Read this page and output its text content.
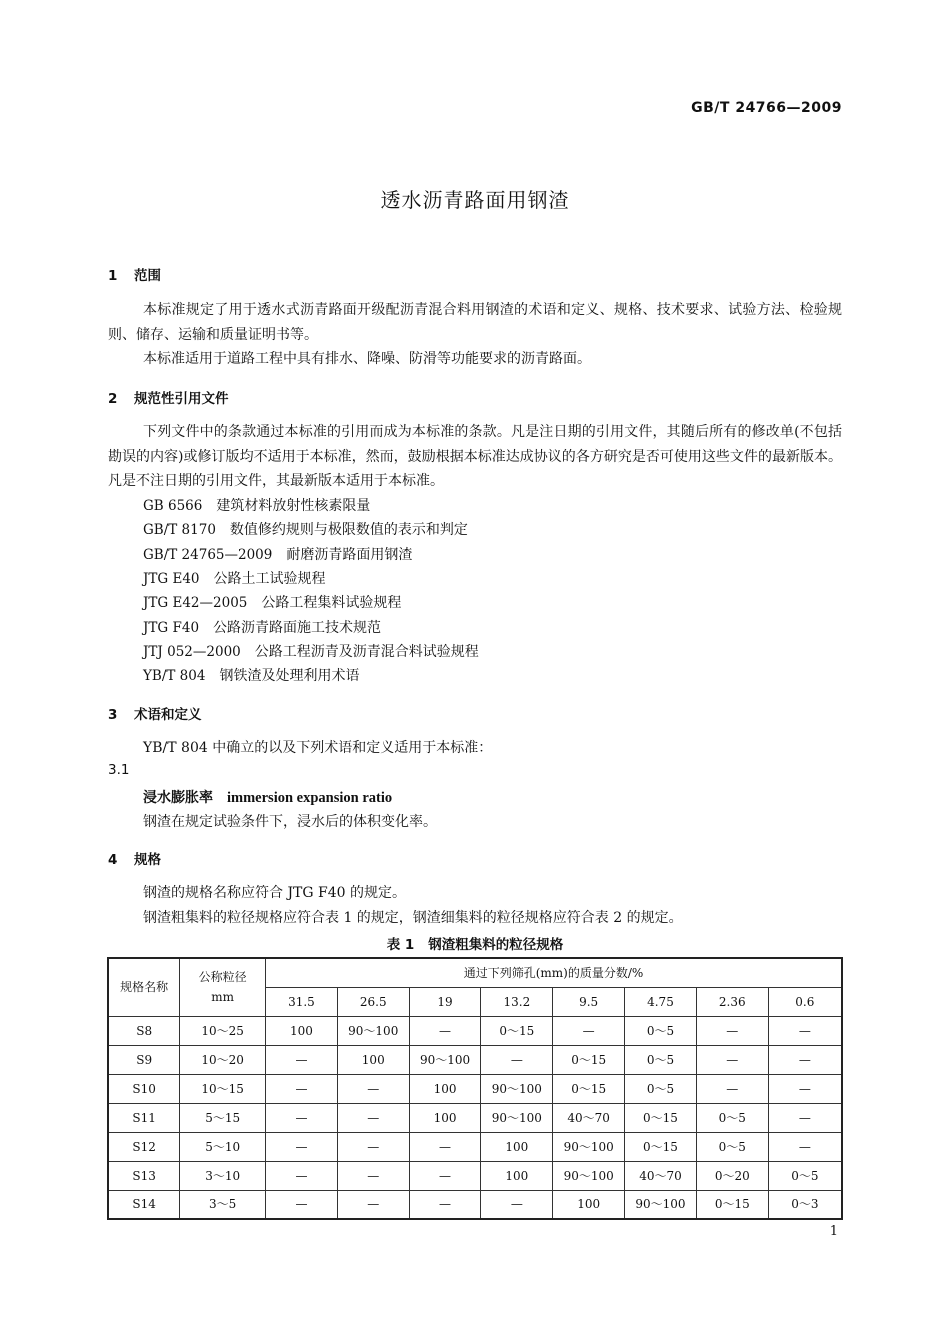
GB/T 24766—2009
透水沥青路面用钢渣
1 范围
本标准规定了用于透水式沥青路面开级配沥青混合料用钢渣的术语和定义、规格、技术要求、试验方法、检验规则、储存、运输和质量证明书等。
本标准适用于道路工程中具有排水、降噪、防滑等功能要求的沥青路面。
2 规范性引用文件
下列文件中的条款通过本标准的引用而成为本标准的条款。凡是注日期的引用文件，其随后所有的修改单(不包括勘误的内容)或修订版均不适用于本标准，然而，鼓励根据本标准达成协议的各方研究是否可使用这些文件的最新版本。凡是不注日期的引用文件，其最新版本适用于本标准。
GB 6566 建筑材料放射性核素限量
GB/T 8170 数值修约规则与极限数值的表示和判定
GB/T 24765—2009 耐磨沥青路面用钢渣
JTG E40 公路土工试验规程
JTG E42—2005 公路工程集料试验规程
JTG F40 公路沥青路面施工技术规范
JTJ 052—2000 公路工程沥青及沥青混合料试验规程
YB/T 804 钢铁渣及处理利用术语
3 术语和定义
YB/T 804 中确立的以及下列术语和定义适用于本标准：
3.1
浸水膨胀率 immersion expansion ratio
钢渣在规定试验条件下，浸水后的体积变化率。
4 规格
钢渣的规格名称应符合 JTG F40 的规定。
钢渣粗集料的粒径规格应符合表 1 的规定，钢渣细集料的粒径规格应符合表 2 的规定。
表 1 钢渣粗集料的粒径规格
规格名称	公称粒径
mm	通过下列筛孔(mm)的质量分数/%							
		31.5	26.5	19	13.2	9.5	4.75	2.36	0.6
S8	10～25	100	90～100	—	0～15	—	0～5	—	—
S9	10～20	—	100	90～100	—	0～15	0～5	—	—
S10	10～15	—	—	100	90～100	0～15	0～5	—	—
S11	5～15	—	—	100	90～100	40～70	0～15	0～5	—
S12	5～10	—	—	—	100	90～100	0～15	0～5	—
S13	3～10	—	—	—	100	90～100	40～70	0～20	0～5
S14	3～5	—	—	—	—	100	90～100	0～15	0～3
1
